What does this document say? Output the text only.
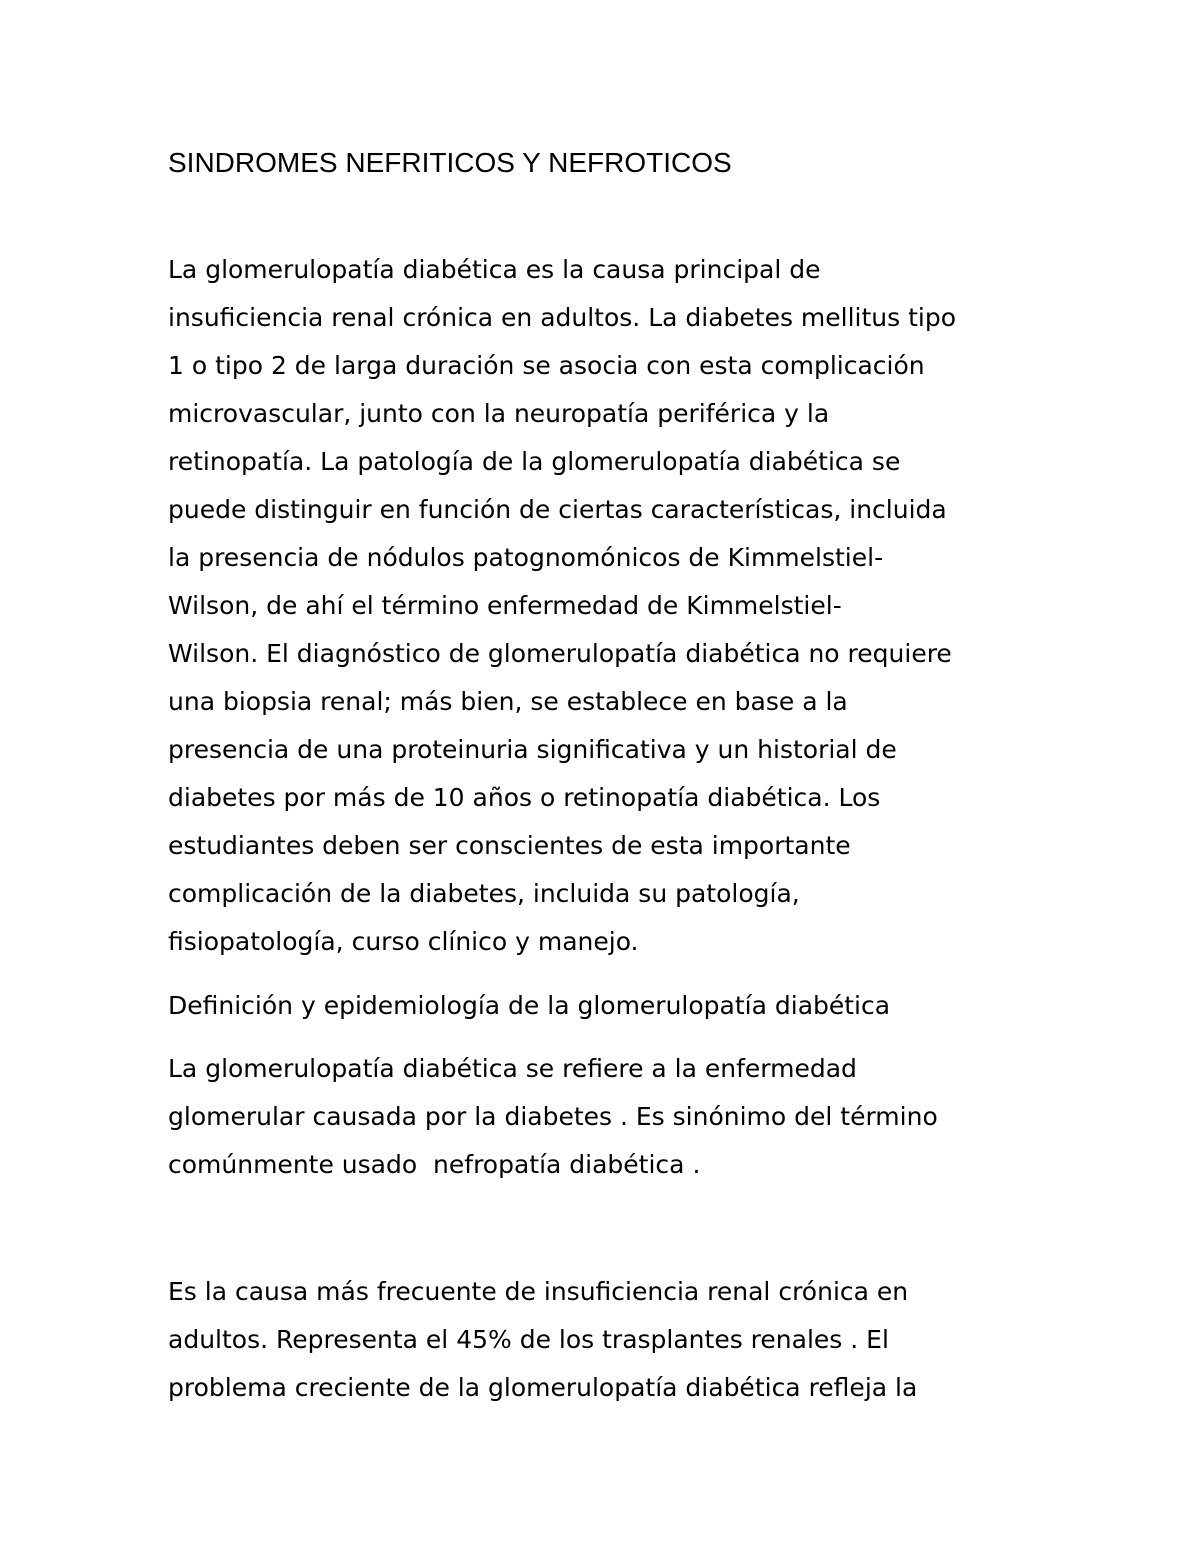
SINDROMES NEFRITICOS Y NEFROTICOS

La glomerulopatía diabética es la causa principal de
insuficiencia renal crónica en adultos. La diabetes mellitus tipo
1 o tipo 2 de larga duración se asocia con esta complicación
microvascular, junto con la neuropatía periférica y la
retinopatía. La patología de la glomerulopatía diabética se
puede distinguir en función de ciertas características, incluida
la presencia de nódulos patognomónicos de Kimmelstiel-
Wilson, de ahí el término enfermedad de Kimmelstiel-
Wilson. El diagnóstico de glomerulopatía diabética no requiere
una biopsia renal; más bien, se establece en base a la
presencia de una proteinuria significativa y un historial de
diabetes por más de 10 años o retinopatía diabética. Los
estudiantes deben ser conscientes de esta importante
complicación de la diabetes, incluida su patología,
fisiopatología, curso clínico y manejo.

Definición y epidemiología de la glomerulopatía diabética

La glomerulopatía diabética se refiere a la enfermedad
glomerular causada por la diabetes . Es sinónimo del término
comúnmente usado  nefropatía diabética .

Es la causa más frecuente de insuficiencia renal crónica en
adultos. Representa el 45% de los trasplantes renales . El
problema creciente de la glomerulopatía diabética refleja la
